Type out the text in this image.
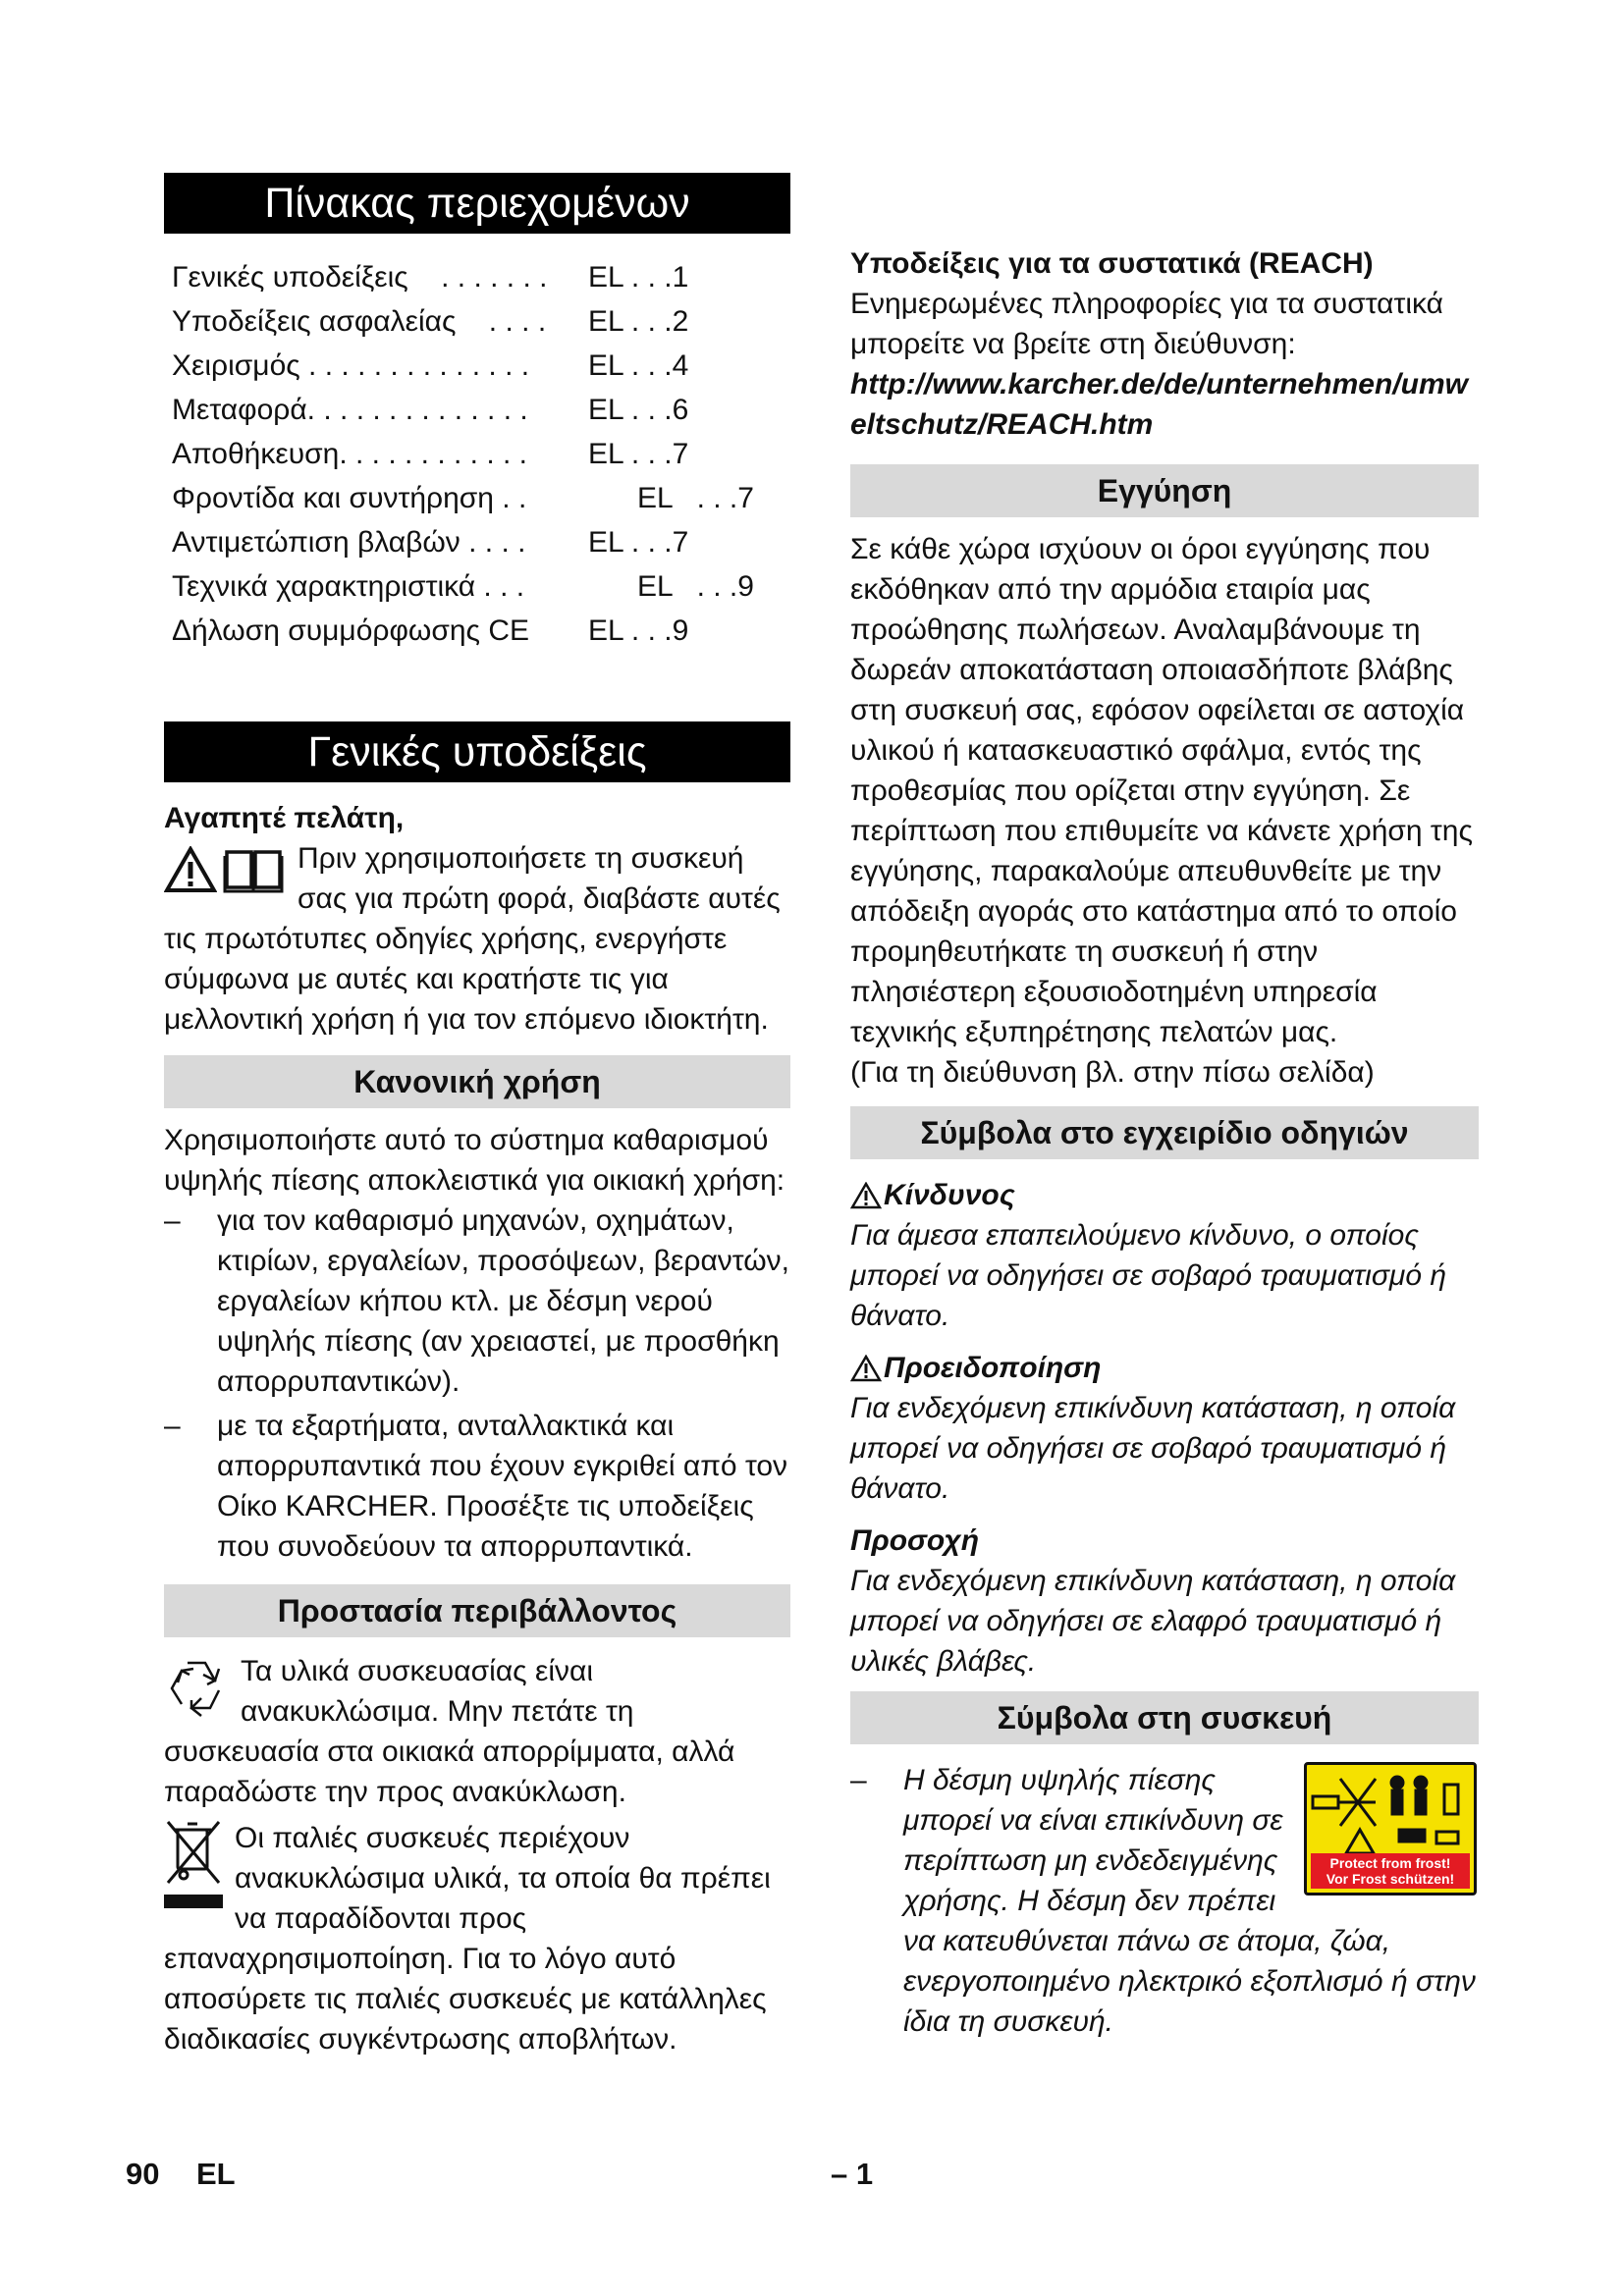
Πίνακας περιεχομένων
Γενικές υποδείξεις    . . . . . . .	EL . . .1
Υποδείξεις ασφαλείας    . . . .	EL . . .2
Χειρισμός . . . . . . . . . . . . . .	EL . . .4
Μεταφορά. . . . . . . . . . . . . .	EL . . .6
Αποθήκευση. . . . . . . . . . . .	EL . . .7
Φροντίδα και συντήρηση . .	EL   . . .7
Αντιμετώπιση βλαβών . . . .	EL . . .7
Τεχνικά χαρακτηριστικά . . .	EL   . . .9
Δήλωση συμμόρφωσης CE	EL . . .9
Γενικές υποδείξεις

Αγαπητέ πελάτη,

Πριν χρησιμοποιήσετε τη συσκευή σας για πρώτη φορά, διαβάστε αυτές τις πρωτότυπες οδηγίες χρήσης, ενεργήστε σύμφωνα με αυτές και κρατήστε τις για μελλοντική χρήση ή για τον επόμενο ιδιοκτήτη.

Κανονική χρήση

Χρησιμοποιήστε αυτό το σύστημα καθαρισμού υψηλής πίεσης αποκλειστικά για οικιακή χρήση:

– για τον καθαρισμό μηχανών, οχημάτων, κτιρίων, εργαλείων, προσόψεων, βεραντών, εργαλείων κήπου κτλ. με δέσμη νερού υψηλής πίεσης (αν χρειαστεί, με προσθήκη απορρυπαντικών).
– με τα εξαρτήματα, ανταλλακτικά και απορρυπαντικά που έχουν εγκριθεί από τον Οίκο KARCHER. Προσέξτε τις υποδείξεις που συνοδεύουν τα απορρυπαντικά.
Προστασία περιβάλλοντος

Τα υλικά συσκευασίας είναι ανακυκλώσιμα. Μην πετάτε τη συσκευασία στα οικιακά απορρίμματα, αλλά παραδώστε την προς ανακύκλωση.

Οι παλιές συσκευές περιέχουν ανακυκλώσιμα υλικά, τα οποία θα πρέπει να παραδίδονται προς επαναχρησιμοποίηση. Για το λόγο αυτό αποσύρετε τις παλιές συσκευές με κατάλληλες διαδικασίες συγκέντρωσης αποβλήτων.

Υποδείξεις για τα συστατικά (REACH)

Ενημερωμένες πληροφορίες για τα συστατικά μπορείτε να βρείτε στη διεύθυνση:

http://www.karcher.de/de/unternehmen/umweltschutz/REACH.htm

Εγγύηση

Σε κάθε χώρα ισχύουν οι όροι εγγύησης που εκδόθηκαν από την αρμόδια εταιρία μας προώθησης πωλήσεων. Αναλαμβάνουμε τη δωρεάν αποκατάσταση οποιασδήποτε βλάβης στη συσκευή σας, εφόσον οφείλεται σε αστοχία υλικού ή κατασκευαστικό σφάλμα, εντός της προθεσμίας που ορίζεται στην εγγύηση. Σε περίπτωση που επιθυμείτε να κάνετε χρήση της εγγύησης, παρακαλούμε απευθυνθείτε με την απόδειξη αγοράς στο κατάστημα από το οποίο προμηθευτήκατε τη συσκευή ή στην πλησιέστερη εξουσιοδοτημένη υπηρεσία τεχνικής εξυπηρέτησης πελατών μας.

(Για τη διεύθυνση βλ. στην πίσω σελίδα)

Σύμβολα στο εγχειρίδιο οδηγιών
Κίνδυνος

Για άμεσα επαπειλούμενο κίνδυνο, ο οποίος μπορεί να οδηγήσει σε σοβαρό τραυματισμό ή θάνατο.

Προειδοποίηση

Για ενδεχόμενη επικίνδυνη κατάσταση, η οποία μπορεί να οδηγήσει σε σοβαρό τραυματισμό ή θάνατο.

Προσοχή

Για ενδεχόμενη επικίνδυνη κατάσταση, η οποία μπορεί να οδηγήσει σε ελαφρό τραυματισμό ή υλικές βλάβες.

Σύμβολα στη συσκευή
–
Protect from frost!
Vor Frost schützen!

Η δέσμη υψηλής πίεσης μπορεί να είναι επικίνδυνη σε περίπτωση μη ενδεδειγμένης χρήσης. Η δέσμη δεν πρέπει να κατευθύνεται πάνω σε άτομα, ζώα, ενεργοποιημένο ηλεκτρικό εξοπλισμό ή στην ίδια τη συσκευή.

90 EL	– 1
